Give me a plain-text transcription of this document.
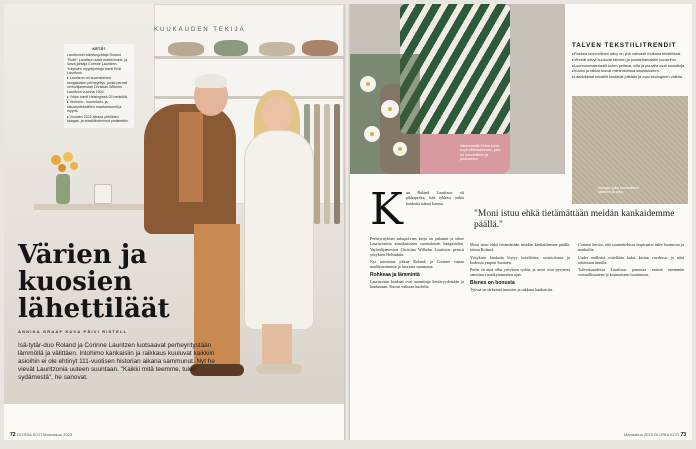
KUUKAUDEN TEKIJÄ
KETÄ?

Lauritzonin toimitusjohtaja Roland "Rolle" Lauritzon sekä markkinointi- ja luova johtaja Corinne Lauritzen. Yrityksen myyntijohtaja toimii Emil Lauritzon.

▸ Lauritzon on suomalainen kangastalon perheyritys, jonka perusti verhoilijamestari Christian Wilhelm Lauritzon vuonna 1904.

▸ Yritys toimii Helsingissä 25 henkilöä.

▸ Verhoilu-, huonekalu- ja sisustustekstiilien maahantuonti ja myynti.

▸ Vuosien 2022 aikana yhtiöiden kangas- ja tekstiilitoiminnot yhdistettiin.

Värien ja kuosien lähettiläät
ANNIKA GRAAF KUVA PÄIVI RISTELL
Isä-tytär-duo Roland ja Corinne Lauritzen luotsaavat perheyritystään lämmöllä ja välittäen. Intohimo kankaisiin ja raikkaus kuuluvat kaikkiin asioihin ei ole ehtinyt 111-vuotisen historian aikana sammunut. Nyt he vievät Lauritzonia uuteen suuntaan. "Kaikki mitä teemme, tulee sydämestä", he sanovat.
72 GLORIA KOTI Marraskuu 2023
Vasemmalla Zebra-kuosi sopii värimaailmaan, joka on luonnollinen ja puolueeton.
TALVEN TEKSTIILITRENDIT
▸ Ruskea luonnollinen sävy on yhä vahvasti mukana tekstiilissä.
▸ Vihreät sävyt kuuluvat talveen ja puutarhamaisiin kuoseihin.
▸ Luonnonmateriaalit kuten pellava, villa ja puuvilla ovat suosittuja.
▸ Kuviot ja raidat tuovat mielenkiintoa sisustukseen.
▸ Laadukkaat tekstiilit kestävät pitkään ja ovat ekologinen valinta.
Kangas, joka luonnollinen rakenne ja sävy.
K un Roland Lauritzon oli pikkupoika, hän tykkäsi tutkia kankaita isänsä kanssa.

Perheyrityksen sukupolvien ketju on jatkunut ja tekee Lauritzonista ainutlaatuisen suomalaisen kangastalon. Verhoilijamestari Christian Wilhelm Lauritzon perusti yrityksen Helsinkiin.

Nyt toimintaa johtaa Roland, ja Corinne vastaa markkinoinnista ja luovasta suunnasta.

Rohkeaa ja lämmintä

Lauritzonin kankaat ovat tunnettuja kestävyydestään ja laadustaan. Kuosit valitaan huolella.

"Moni istuu ehkä tietämättään meidän kankaidemme päällä."

Moni istuu ehkä tietämättään meidän kankaidemme päällä, toteaa Roland.

Yrityksen kankaita löytyy hotelleista, ravintoloista ja kodeista ympäri Suomen.

Perhe on aina ollut yrityksen sydän, ja arvot ovat pysyneet samoina vuosikymmenten ajan.

Bisnes on bonusta

Työssä on tärkeintä innostus ja rakkaus kankaisiin.

Corinne kertoo, että suunnittelussa inspiraatio tulee luonnosta ja matkoilta.

Uudet mallistot esitellään kaksi kertaa vuodessa, ja niitä odotetaan innolla.

Tulevaisuudessa Lauritzon panostaa entistä enemmän vastuullisuuteen ja kotimaiseen tuotantoon.

Marraskuu 2023 GLORIA KOTI 73
